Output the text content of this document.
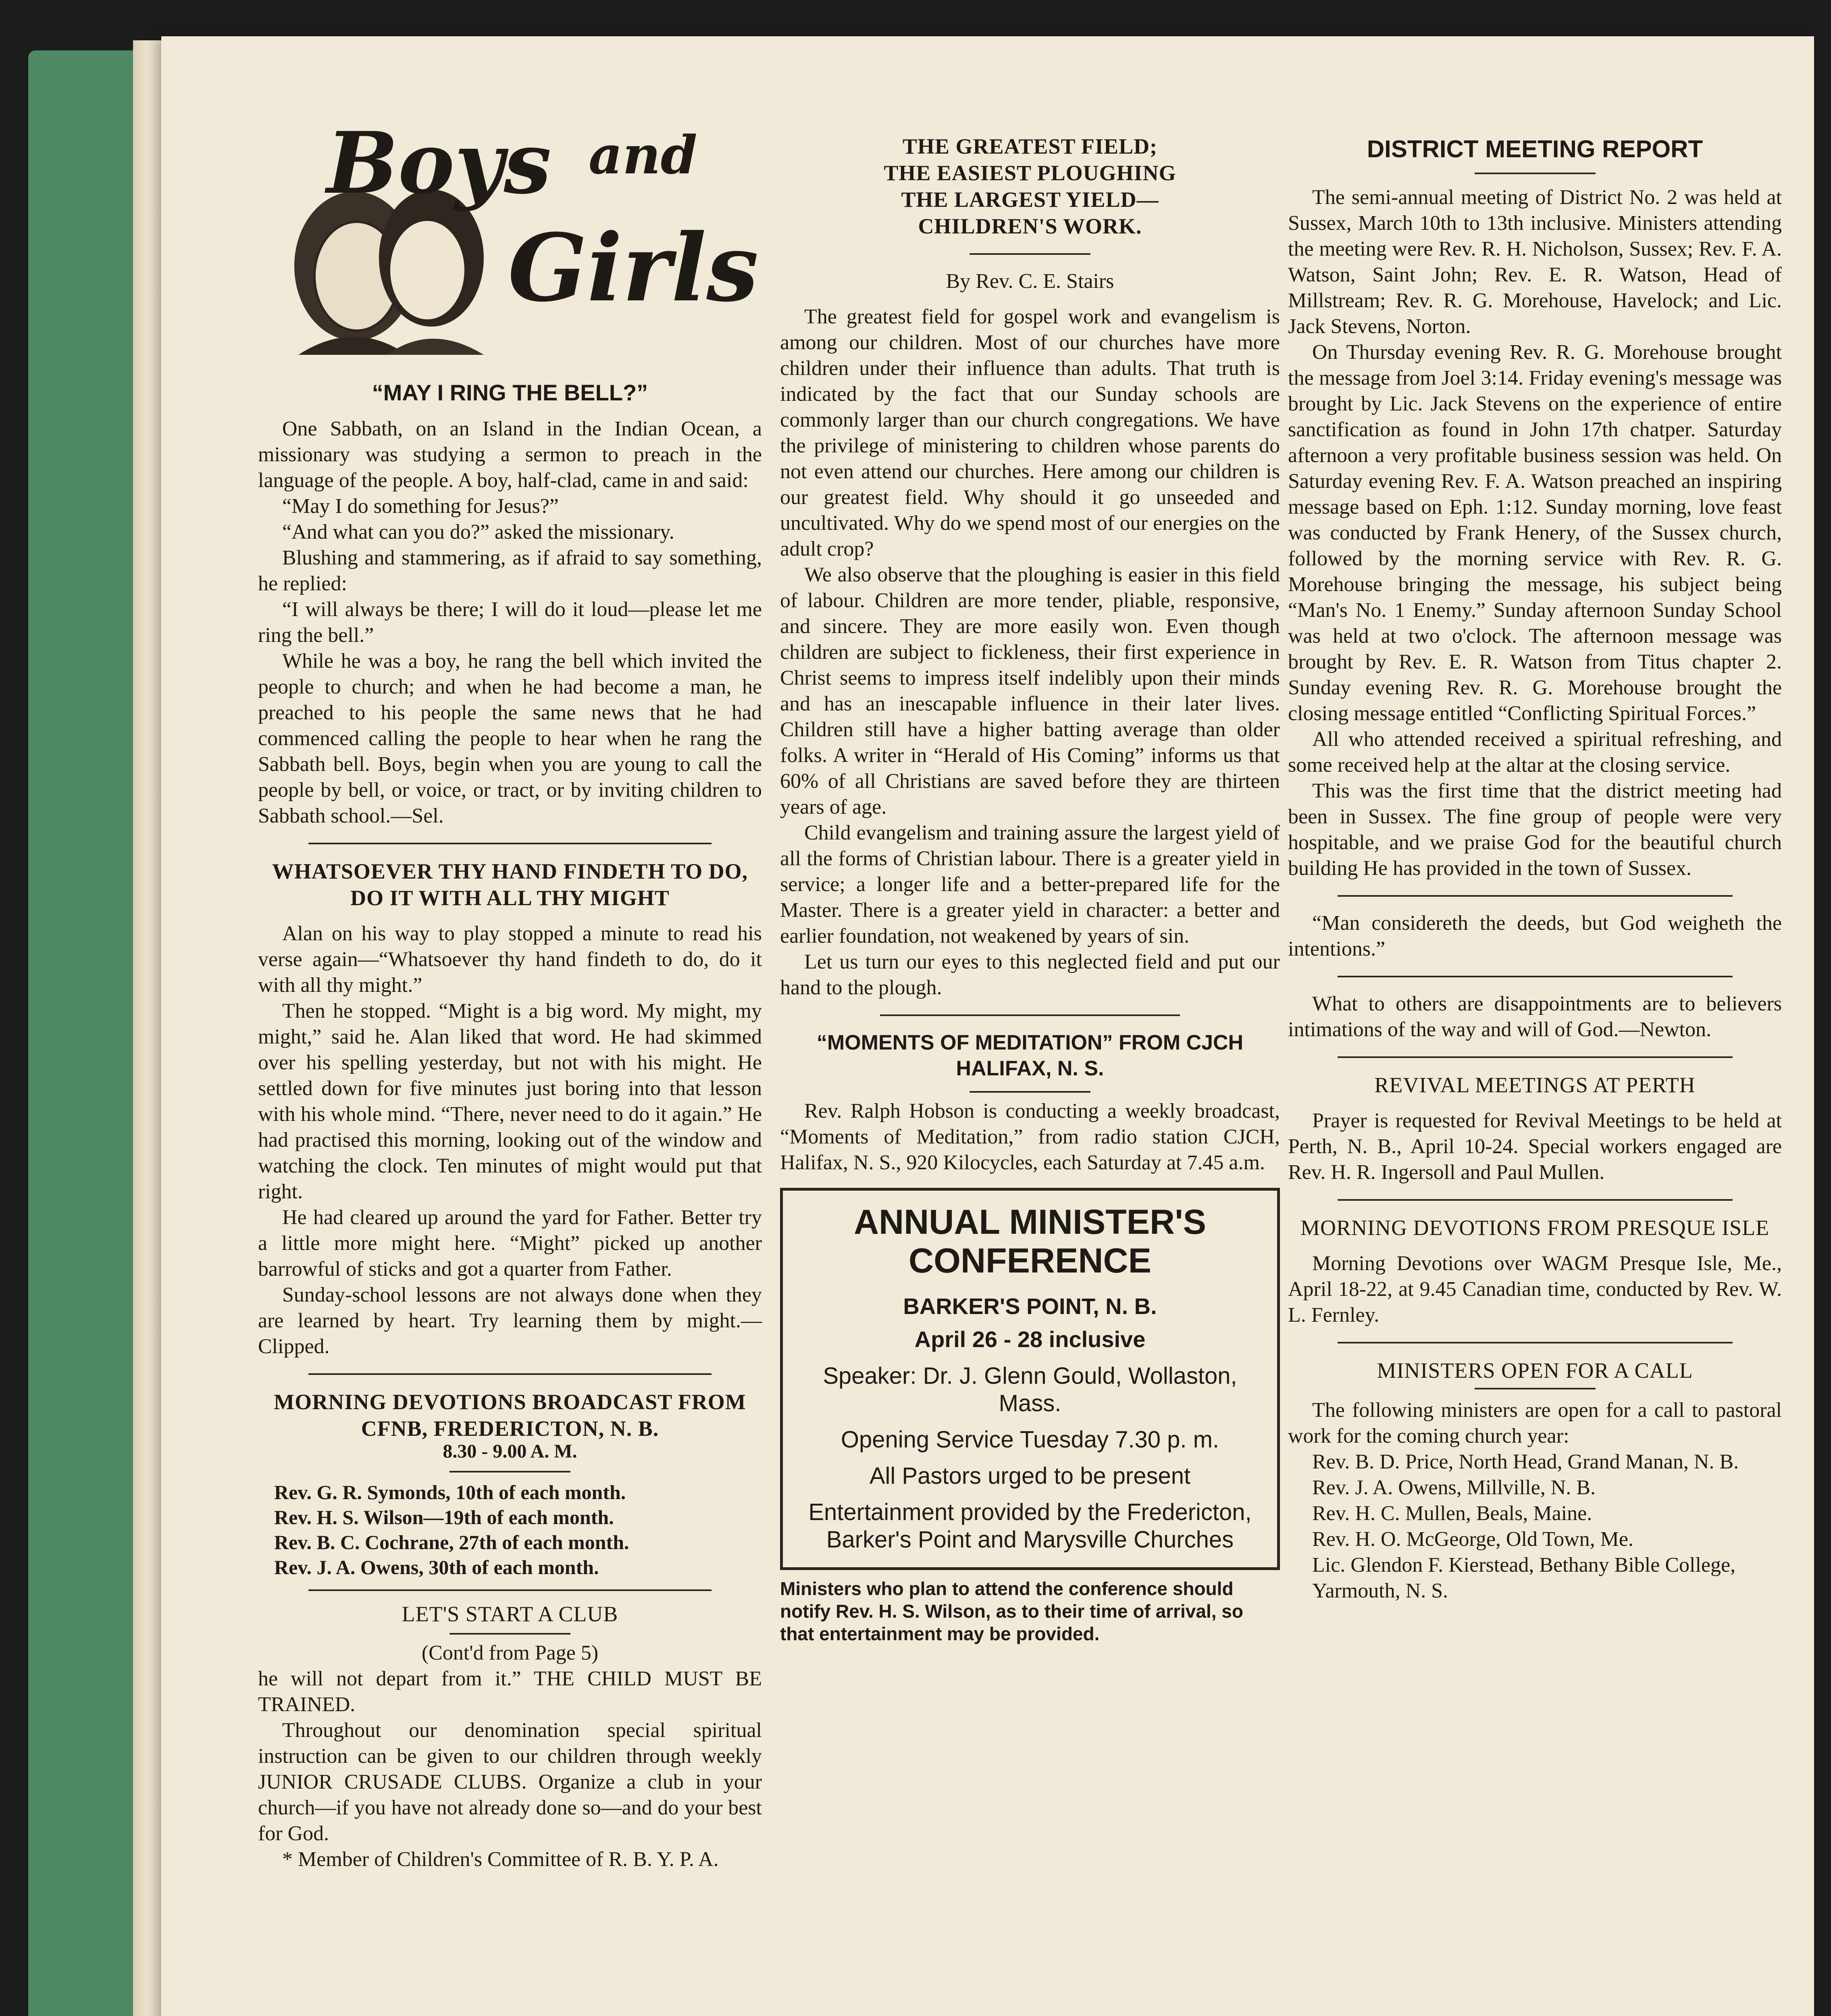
Boys and
Girls
“MAY I RING THE BELL?”

One Sabbath, on an Island in the Indian Ocean, a missionary was studying a sermon to preach in the language of the people. A boy, half-clad, came in and said:

“May I do something for Jesus?”

“And what can you do?” asked the missionary.

Blushing and stammering, as if afraid to say something, he replied:

“I will always be there; I will do it loud—please let me ring the bell.”

While he was a boy, he rang the bell which invited the people to church; and when he had become a man, he preached to his people the same news that he had commenced calling the people to hear when he rang the Sabbath bell. Boys, begin when you are young to call the people by bell, or voice, or tract, or by inviting children to Sabbath school.—Sel.

WHATSOEVER THY HAND FINDETH TO DO, DO IT WITH ALL THY MIGHT

Alan on his way to play stopped a minute to read his verse again—“Whatsoever thy hand findeth to do, do it with all thy might.”

Then he stopped. “Might is a big word. My might, my might,” said he. Alan liked that word. He had skimmed over his spelling yesterday, but not with his might. He settled down for five minutes just boring into that lesson with his whole mind. “There, never need to do it again.” He had practised this morning, looking out of the window and watching the clock. Ten minutes of might would put that right.

He had cleared up around the yard for Father. Better try a little more might here. “Might” picked up another barrowful of sticks and got a quarter from Father.

Sunday-school lessons are not always done when they are learned by heart. Try learning them by might.—Clipped.

MORNING DEVOTIONS BROADCAST FROM CFNB, FREDERICTON, N. B.
8.30 - 9.00 A. M.
Rev. G. R. Symonds, 10th of each month.
Rev. H. S. Wilson—19th of each month.
Rev. B. C. Cochrane, 27th of each month.
Rev. J. A. Owens, 30th of each month.
LET'S START A CLUB
(Cont'd from Page 5)

he will not depart from it.” THE CHILD MUST BE TRAINED.

Throughout our denomination special spiritual instruction can be given to our children through weekly JUNIOR CRUSADE CLUBS. Organize a club in your church—if you have not already done so—and do your best for God.

* Member of Children's Committee of R. B. Y. P. A.

THE GREATEST FIELD;
THE EASIEST PLOUGHING
THE LARGEST YIELD—
CHILDREN'S WORK.
By Rev. C. E. Stairs

The greatest field for gospel work and evangelism is among our children. Most of our churches have more children under their influence than adults. That truth is indicated by the fact that our Sunday schools are commonly larger than our church congregations. We have the privilege of ministering to children whose parents do not even attend our churches. Here among our children is our greatest field. Why should it go unseeded and uncultivated. Why do we spend most of our energies on the adult crop?

We also observe that the ploughing is easier in this field of labour. Children are more tender, pliable, responsive, and sincere. They are more easily won. Even though children are subject to fickleness, their first experience in Christ seems to impress itself indelibly upon their minds and has an inescapable influence in their later lives. Children still have a higher batting average than older folks. A writer in “Herald of His Coming” informs us that 60% of all Christians are saved before they are thirteen years of age.

Child evangelism and training assure the largest yield of all the forms of Christian labour. There is a greater yield in service; a longer life and a better-prepared life for the Master. There is a greater yield in character: a better and earlier foundation, not weakened by years of sin.

Let us turn our eyes to this neglected field and put our hand to the plough.

“MOMENTS OF MEDITATION” FROM CJCH HALIFAX, N. S.

Rev. Ralph Hobson is conducting a weekly broadcast, “Moments of Meditation,” from radio station CJCH, Halifax, N. S., 920 Kilocycles, each Saturday at 7.45 a.m.

ANNUAL MINISTER'S CONFERENCE
BARKER'S POINT, N. B.
April 26 - 28 inclusive
Speaker: Dr. J. Glenn Gould, Wollaston, Mass.
Opening Service Tuesday 7.30 p. m.
All Pastors urged to be present
Entertainment provided by the Fredericton, Barker's Point and Marysville Churches
Ministers who plan to attend the conference should notify Rev. H. S. Wilson, as to their time of arrival, so that entertainment may be provided.
DISTRICT MEETING REPORT

The semi-annual meeting of District No. 2 was held at Sussex, March 10th to 13th inclusive. Ministers attending the meeting were Rev. R. H. Nicholson, Sussex; Rev. F. A. Watson, Saint John; Rev. E. R. Watson, Head of Millstream; Rev. R. G. Morehouse, Havelock; and Lic. Jack Stevens, Norton.

On Thursday evening Rev. R. G. Morehouse brought the message from Joel 3:14. Friday evening's message was brought by Lic. Jack Stevens on the experience of entire sanctification as found in John 17th chatper. Saturday afternoon a very profitable business session was held. On Saturday evening Rev. F. A. Watson preached an inspiring message based on Eph. 1:12. Sunday morning, love feast was conducted by Frank Henery, of the Sussex church, followed by the morning service with Rev. R. G. Morehouse bringing the message, his subject being “Man's No. 1 Enemy.” Sunday afternoon Sunday School was held at two o'clock. The afternoon message was brought by Rev. E. R. Watson from Titus chapter 2. Sunday evening Rev. R. G. Morehouse brought the closing message entitled “Conflicting Spiritual Forces.”

All who attended received a spiritual refreshing, and some received help at the altar at the closing service.

This was the first time that the district meeting had been in Sussex. The fine group of people were very hospitable, and we praise God for the beautiful church building He has provided in the town of Sussex.

“Man considereth the deeds, but God weigheth the intentions.”

What to others are disappointments are to believers intimations of the way and will of God.—Newton.

REVIVAL MEETINGS AT PERTH

Prayer is requested for Revival Meetings to be held at Perth, N. B., April 10-24. Special workers engaged are Rev. H. R. Ingersoll and Paul Mullen.

MORNING DEVOTIONS FROM PRESQUE ISLE

Morning Devotions over WAGM Presque Isle, Me., April 18-22, at 9.45 Canadian time, conducted by Rev. W. L. Fernley.

MINISTERS OPEN FOR A CALL

The following ministers are open for a call to pastoral work for the coming church year:

Rev. B. D. Price, North Head, Grand Manan, N. B.

Rev. J. A. Owens, Millville, N. B.

Rev. H. C. Mullen, Beals, Maine.

Rev. H. O. McGeorge, Old Town, Me.

Lic. Glendon F. Kierstead, Bethany Bible College, Yarmouth, N. S.
